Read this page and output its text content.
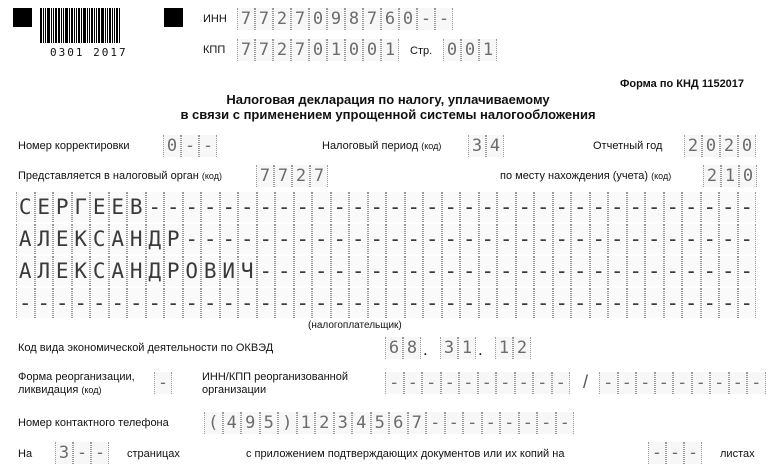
0301 2017
ИНН 7 7 2 7 0 9 8 7 6 0 - -
КПП 7 7 2 7 0 1 0 0 1	Стр. 0 0 1
Форма по КНД 1152017
Налоговая декларация по налогу, уплачиваемому
в связи с применением упрощенной системы налогообложения
Номер корректировки 0 - -	Налоговый период (код) 3 4	Отчетный год 2 0 2 0
Представляется в налоговый орган (код) 7 7 2 7	по месту нахождения (учета) (код) 2 1 0
С Е Р Г Е Е В - - - - - - - - - - - - - - - - - - - - - - - - - - - - - - - - -
А Л Е К С А Н Д Р - - - - - - - - - - - - - - - - - - - - - - - - - - - - - - -
А Л Е К С А Н Д Р О В И Ч - - - - - - - - - - - - - - - - - - - - - - - - - - -
- - - - - - - - - - - - - - - - - - - - - - - - - - - - - - - - - - - - - - - -
(налогоплательщик)
Код вида экономической деятельности по ОКВЭД	6 8 . 3 1 . 1 2
Форма реорганизации,
ликвидация (код)	-	ИНН/КПП реорганизованной
организации	- - - - - - - - - - / - - - - - - - - -
Номер контактного телефона ( 4 9 5 ) 1 2 3 4 5 6 7 - - - - - - - -
На 3 - -	страницах	с приложением подтверждающих документов или их копий на	- - -	листах
